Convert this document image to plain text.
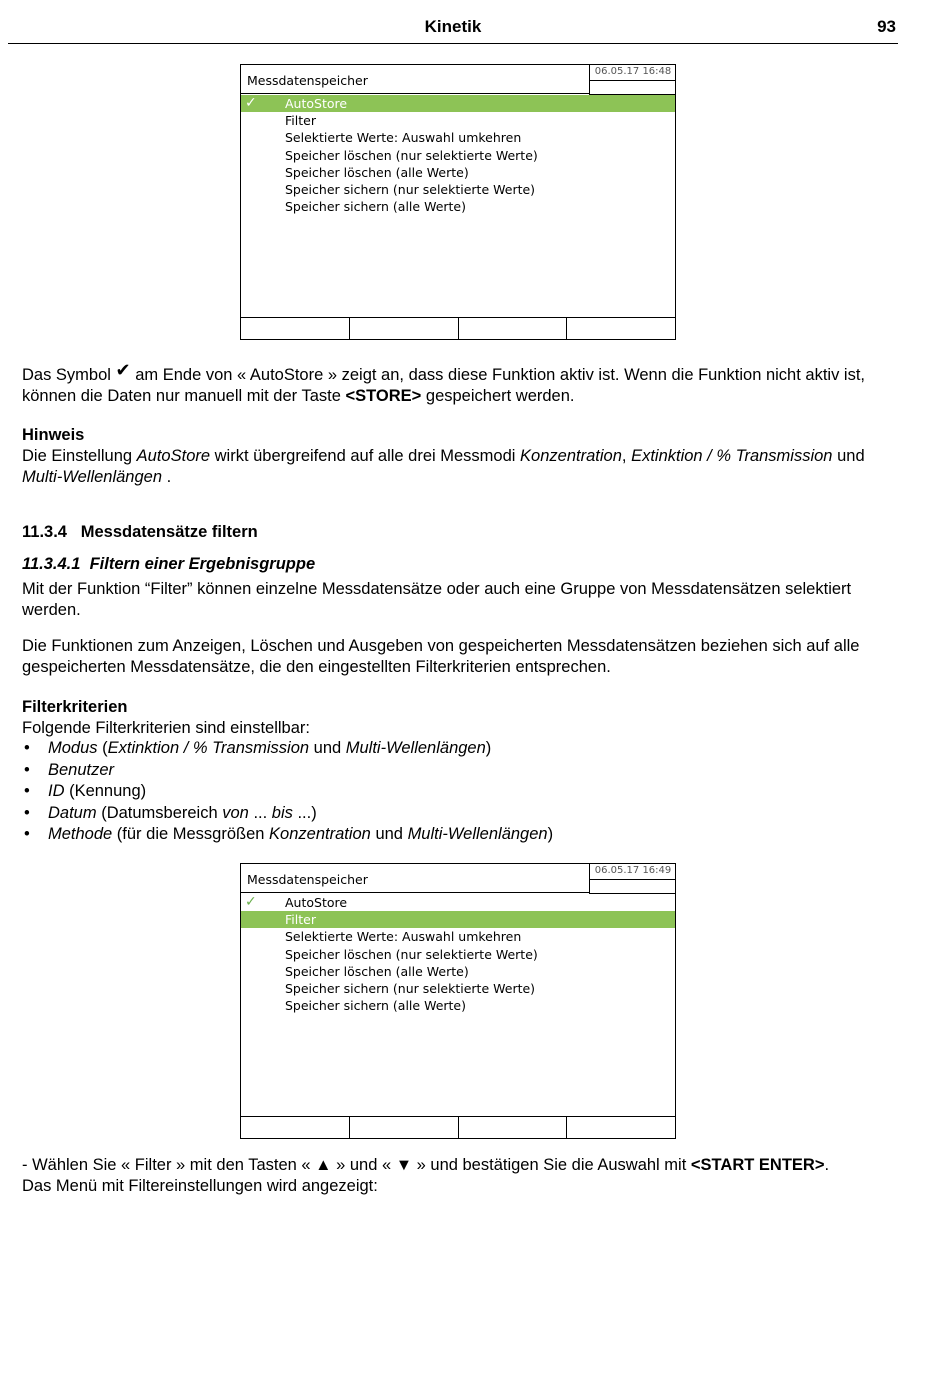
Kinetik	93
Messdatenspeicher
06.05.17 16:48
✓ AutoStore
Filter
Selektierte Werte: Auswahl umkehren
Speicher löschen (nur selektierte Werte)
Speicher löschen (alle Werte)
Speicher sichern (nur selektierte Werte)
Speicher sichern (alle Werte)
Das Symbol ✔ am Ende von « AutoStore » zeigt an, dass diese Funktion aktiv ist. Wenn die Funktion nicht aktiv ist, können die Daten nur manuell mit der Taste <STORE> gespeichert werden.
Hinweis
Die Einstellung AutoStore wirkt übergreifend auf alle drei Messmodi Konzentration, Extinktion / % Transmission und Multi-Wellenlängen .
11.3.4 Messdatensätze filtern
11.3.4.1 Filtern einer Ergebnisgruppe
Mit der Funktion “Filter” können einzelne Messdatensätze oder auch eine Gruppe von Messdatensätzen selektiert werden.
Die Funktionen zum Anzeigen, Löschen und Ausgeben von gespeicherten Messdatensätzen beziehen sich auf alle gespeicherten Messdatensätze, die den eingestellten Filterkriterien entsprechen.
Filterkriterien
Folgende Filterkriterien sind einstellbar:
• Modus (Extinktion / % Transmission und Multi-Wellenlängen)
• Benutzer
• ID (Kennung)
• Datum (Datumsbereich von ... bis ...)
• Methode (für die Messgrößen Konzentration und Multi-Wellenlängen)
Messdatenspeicher
06.05.17 16:49
✓ AutoStore
Filter
Selektierte Werte: Auswahl umkehren
Speicher löschen (nur selektierte Werte)
Speicher löschen (alle Werte)
Speicher sichern (nur selektierte Werte)
Speicher sichern (alle Werte)
- Wählen Sie « Filter » mit den Tasten « ▲ » und « ▼ » und bestätigen Sie die Auswahl mit <START ENTER>.
Das Menü mit Filtereinstellungen wird angezeigt:
